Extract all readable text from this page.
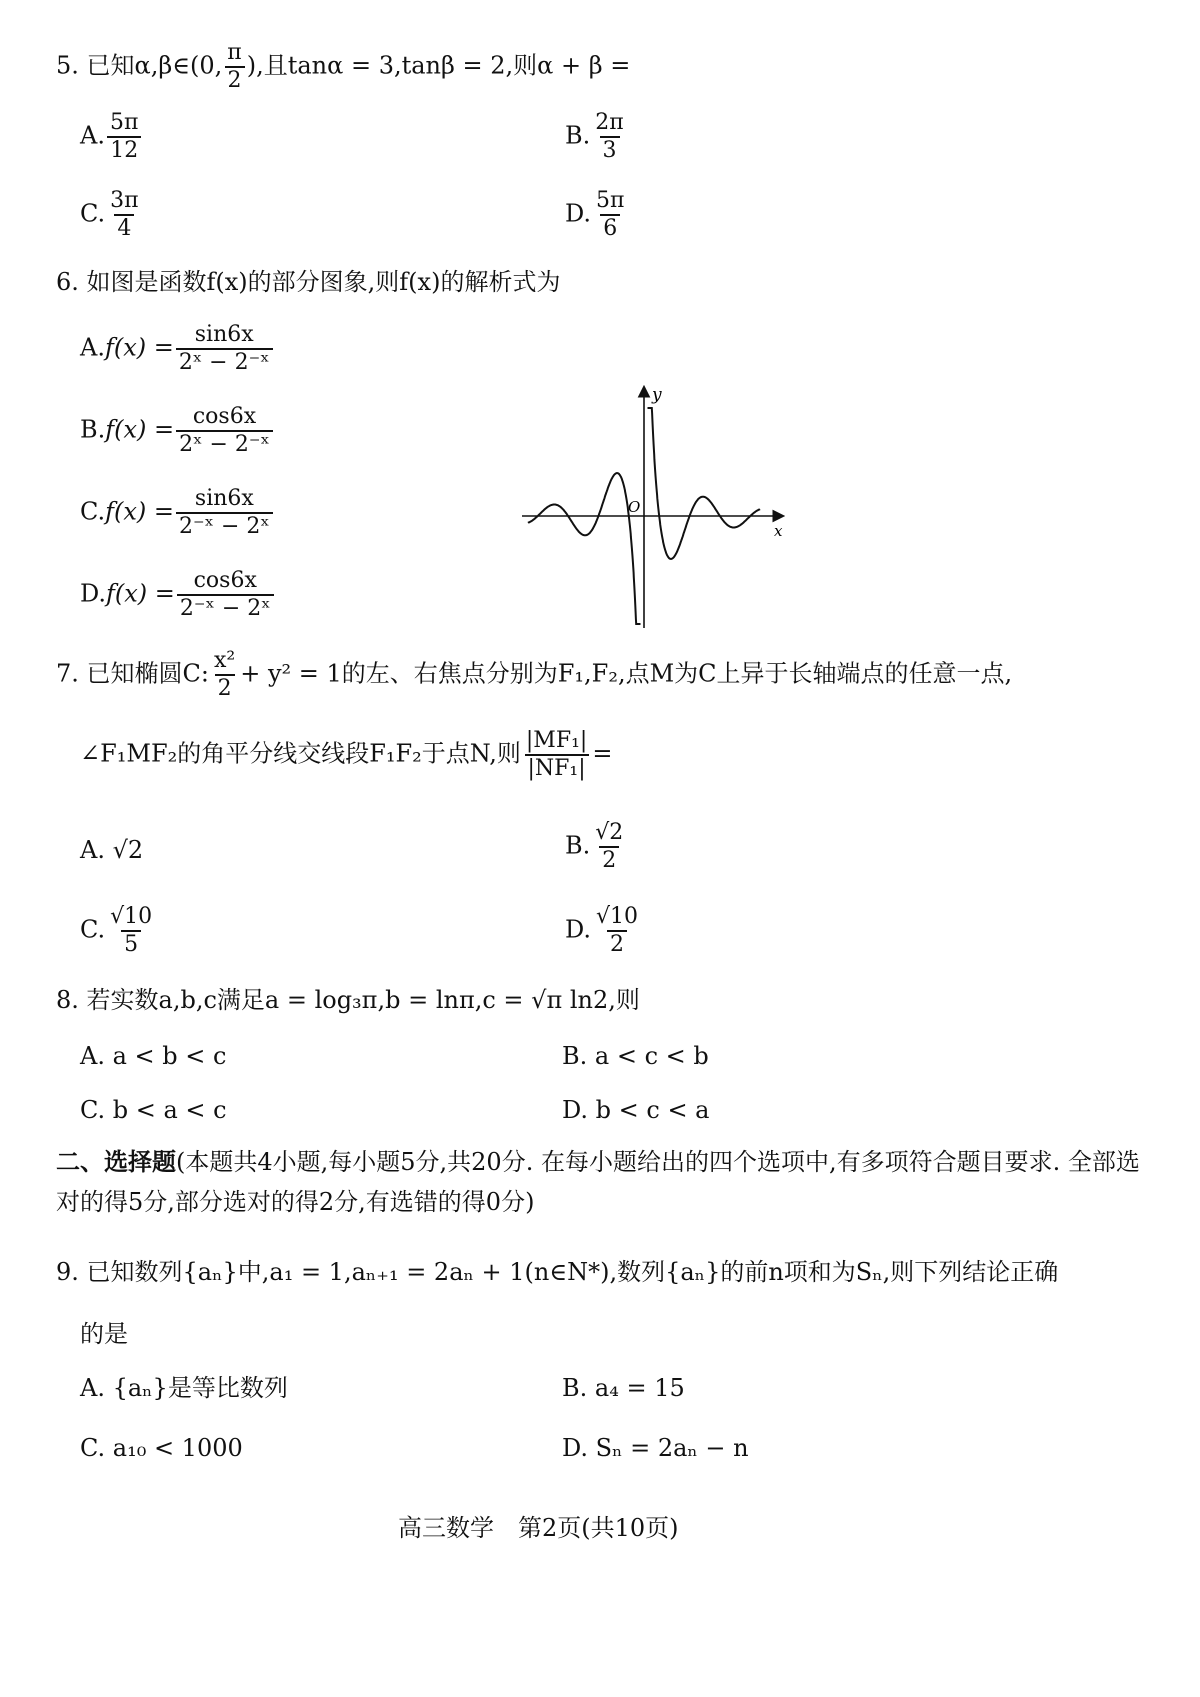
5. 已知α,β∈(0, $\frac{\pi}{2}$ ),且tanα = 3,tanβ = 2,则α + β =
A. $\frac{5\pi}{12}$	B. $\frac{2\pi}{3}$
C. $\frac{3\pi}{4}$	D. $\frac{5\pi}{6}$
6. 如图是函数f(x)的部分图象,则f(x)的解析式为
$A.f(x) = \frac{\sin 6x}{\text{2ˣ − 2⁻ˣ}}$
$B.f(x) = \frac{\cos 6x}{\text{2ˣ − 2⁻ˣ}}$
$C.f(x) = \frac{\sin 6x}{\text{2⁻ˣ − 2ˣ}}$
$D.f(x) = \frac{\cos 6x}{\text{2⁻ˣ − 2ˣ}}$
y
x
O
7. 已知椭圆C: $\frac{\text{x²}}{2} + y^2 = 1$的左、右焦点分别为F₁,F₂,点M为C上异于长轴端点的任意一点,
∠F₁MF₂的角平分线交线段F₁F₂于点N,则 $\frac{\text{|MF₁|}}{\text{|NF₁|}}$ =
A. √2	B. $\frac{√2}{2}$
C. $\frac{√10}{5}$	D. $\frac{√10}{2}$
8. 若实数a,b,c满足a = log₃π,b = lnπ,c = √π ln2,则
A. a < b < c	B. a < c < b
C. b < a < c	D. b < c < a
二、选择题(本题共4小题,每小题5分,共20分. 在每小题给出的四个选项中,有多项符合题目要求. 全部选对的得5分,部分选对的得2分,有选错的得0分)
9. 已知数列{aₙ}中,a₁ = 1,aₙ₊₁ = 2aₙ + 1(n∈N*),数列{aₙ}的前n项和为Sₙ,则下列结论正确
的是
A. {aₙ}是等比数列	B. a₄ = 15
C. a₁₀ < 1000	D. Sₙ = 2aₙ − n
高三数学　第2页(共10页)
